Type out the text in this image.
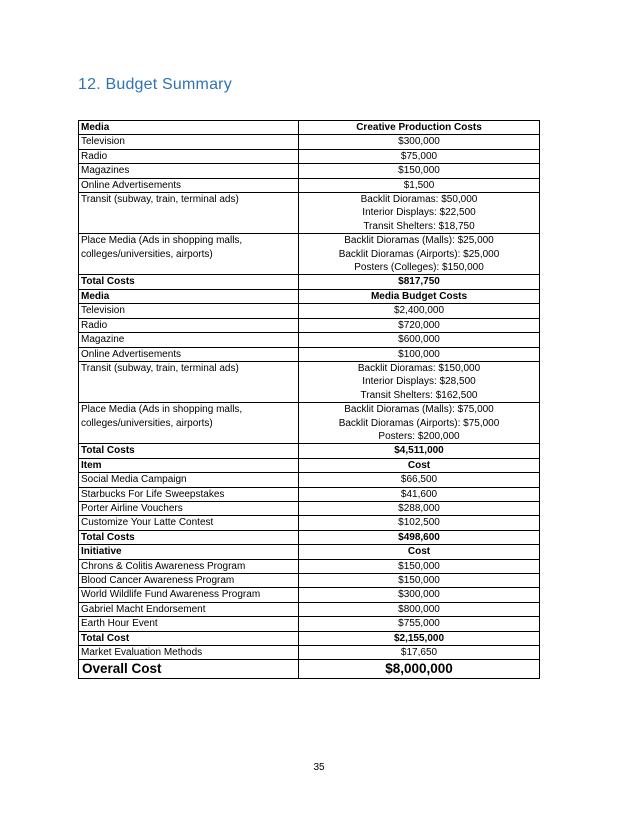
12. Budget Summary
Media	Creative Production Costs

Television	$300,000

Radio	$75,000

Magazines	$150,000

Online Advertisements	$1,500

Transit (subway, train, terminal ads)	Backlit Dioramas: $50,000
Interior Displays: $22,500
Transit Shelters: $18,750

Place Media (Ads in shopping malls,
colleges/universities, airports)	Backlit Dioramas (Malls): $25,000
Backlit Dioramas (Airports): $25,000
Posters (Colleges): $150,000

Total Costs	$817,750

Media	Media Budget Costs

Television	$2,400,000

Radio	$720,000

Magazine	$600,000

Online Advertisements	$100,000

Transit (subway, train, terminal ads)	Backlit Dioramas: $150,000
Interior Displays: $28,500
Transit Shelters: $162,500

Place Media (Ads in shopping malls,
colleges/universities, airports)	Backlit Dioramas (Malls): $75,000
Backlit Dioramas (Airports): $75,000
Posters: $200,000

Total Costs	$4,511,000

Item	Cost

Social Media Campaign	$66,500

Starbucks For Life Sweepstakes	$41,600

Porter Airline Vouchers	$288,000

Customize Your Latte Contest	$102,500

Total Costs	$498,600

Initiative	Cost

Chrons & Colitis Awareness Program	$150,000

Blood Cancer Awareness Program	$150,000

World Wildlife Fund Awareness Program	$300,000

Gabriel Macht Endorsement	$800,000

Earth Hour Event	$755,000

Total Cost	$2,155,000

Market Evaluation Methods	$17,650

Overall Cost	$8,000,000
35
